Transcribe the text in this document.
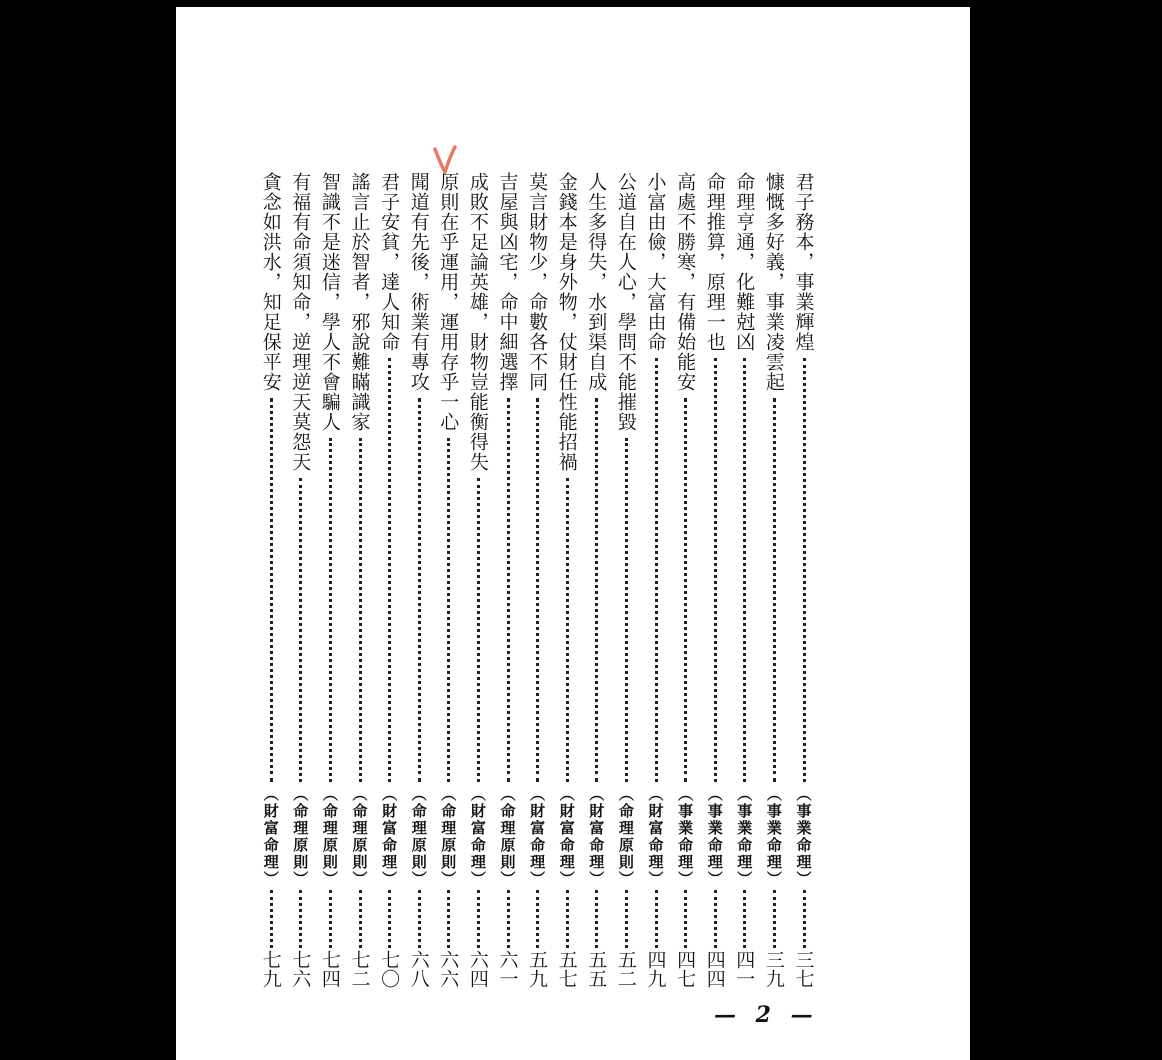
君子務本，事業輝煌
（事業命理）
三七
慷慨多好義，事業凌雲起
（事業命理）
三九
命理亨通，化難尅凶
（事業命理）
四一
命理推算，原理一也
（事業命理）
四四
高處不勝寒，有備始能安
（事業命理）
四七
小富由儉，大富由命
（財富命理）
四九
公道自在人心，學問不能摧毀
（命理原則）
五二
人生多得失，水到渠自成
（財富命理）
五五
金錢本是身外物，仗財任性能招禍
（財富命理）
五七
莫言財物少，命數各不同
（財富命理）
五九
吉屋與凶宅，命中細選擇
（命理原則）
六一
成敗不足論英雄，財物豈能衡得失
（財富命理）
六四
原則在乎運用，運用存乎一心
（命理原則）
六六
聞道有先後，術業有專攻
（命理原則）
六八
君子安貧，達人知命
（財富命理）
七〇
謠言止於智者，邪說難瞞識家
（命理原則）
七二
智識不是迷信，學人不會騙人
（命理原則）
七四
有福有命須知命，逆理逆天莫怨天
（命理原則）
七六
貪念如洪水，知足保平安
（財富命理）
七九
— 2 —
